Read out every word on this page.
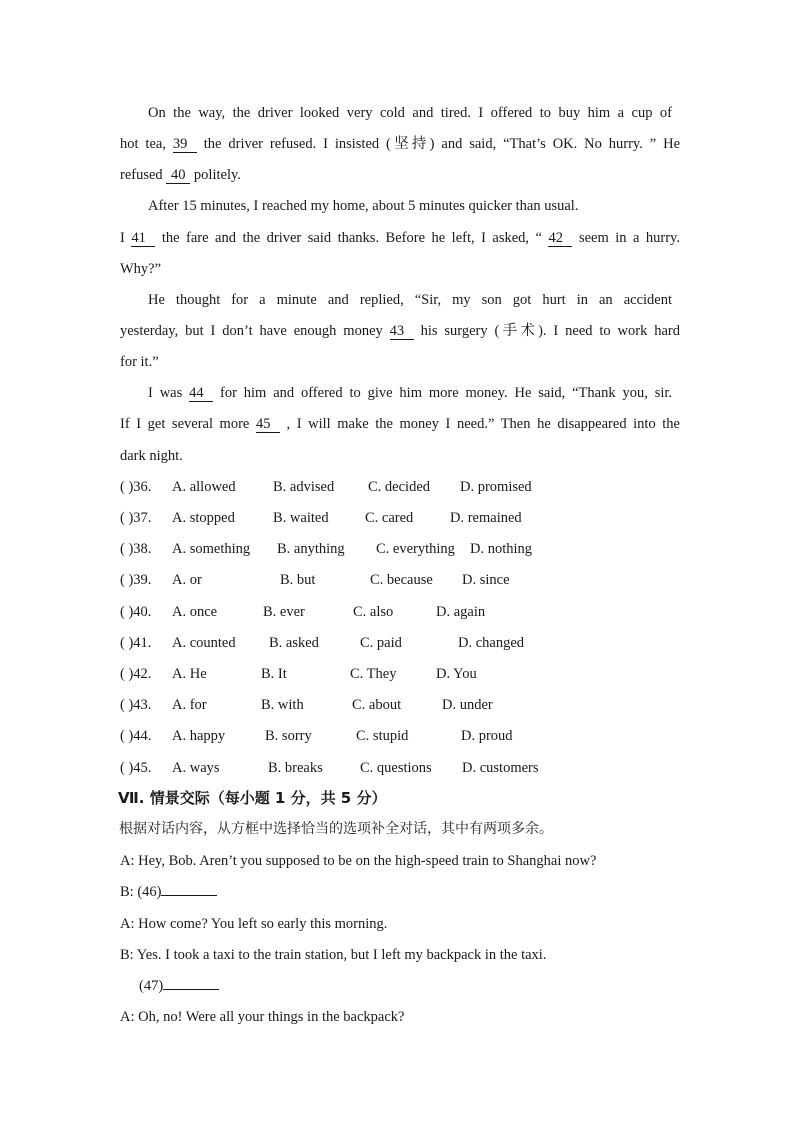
On the way, the driver looked very cold and tired. I offered to buy him a cup of
hot tea, 39 the driver refused. I insisted (坚持) and said, “That’s OK. No hurry. ” He
refused 40 politely.
After 15 minutes, I reached my home, about 5 minutes quicker than usual.
I 41 the fare and the driver said thanks. Before he left, I asked, “ 42 seem in a hurry.
Why?”
He thought for a minute and replied, “Sir, my son got hurt in an accident
yesterday, but I don’t have enough money 43 his surgery (手术). I need to work hard
for it.”
I was 44 for him and offered to give him more money. He said, “Thank you, sir.
If I get several more 45 , I will make the money I need.” Then he disappeared into the
dark night.
( )36. A. allowed	B. advised C. decided D. promised
( )37. A. stopped	B. waited	C. cared	D. remained
( )38. A. something B. anything C. everything D. nothing
( )39. A. or	B. but	C. because D. since
( )40. A. once	B. ever	C. also	D. again
( )41. A. counted B. asked	C. paid	D. changed
( )42. A. He	B. It	C. They	D. You
( )43. A. for	B. with	C. about	D. under
( )44. A. happy	B. sorry	C. stupid	D. proud
( )45. A. ways	B. breaks	C. questions D. customers
Ⅶ. 情景交际（每小题 1 分，共 5 分）
根据对话内容，从方框中选择恰当的选项补全对话，其中有两项多余。
A: Hey, Bob. Aren’t you supposed to be on the high-speed train to Shanghai now?
B: (46)
A: How come? You left so early this morning.
B: Yes. I took a taxi to the train station, but I left my backpack in the taxi.
(47)
A: Oh, no! Were all your things in the backpack?
